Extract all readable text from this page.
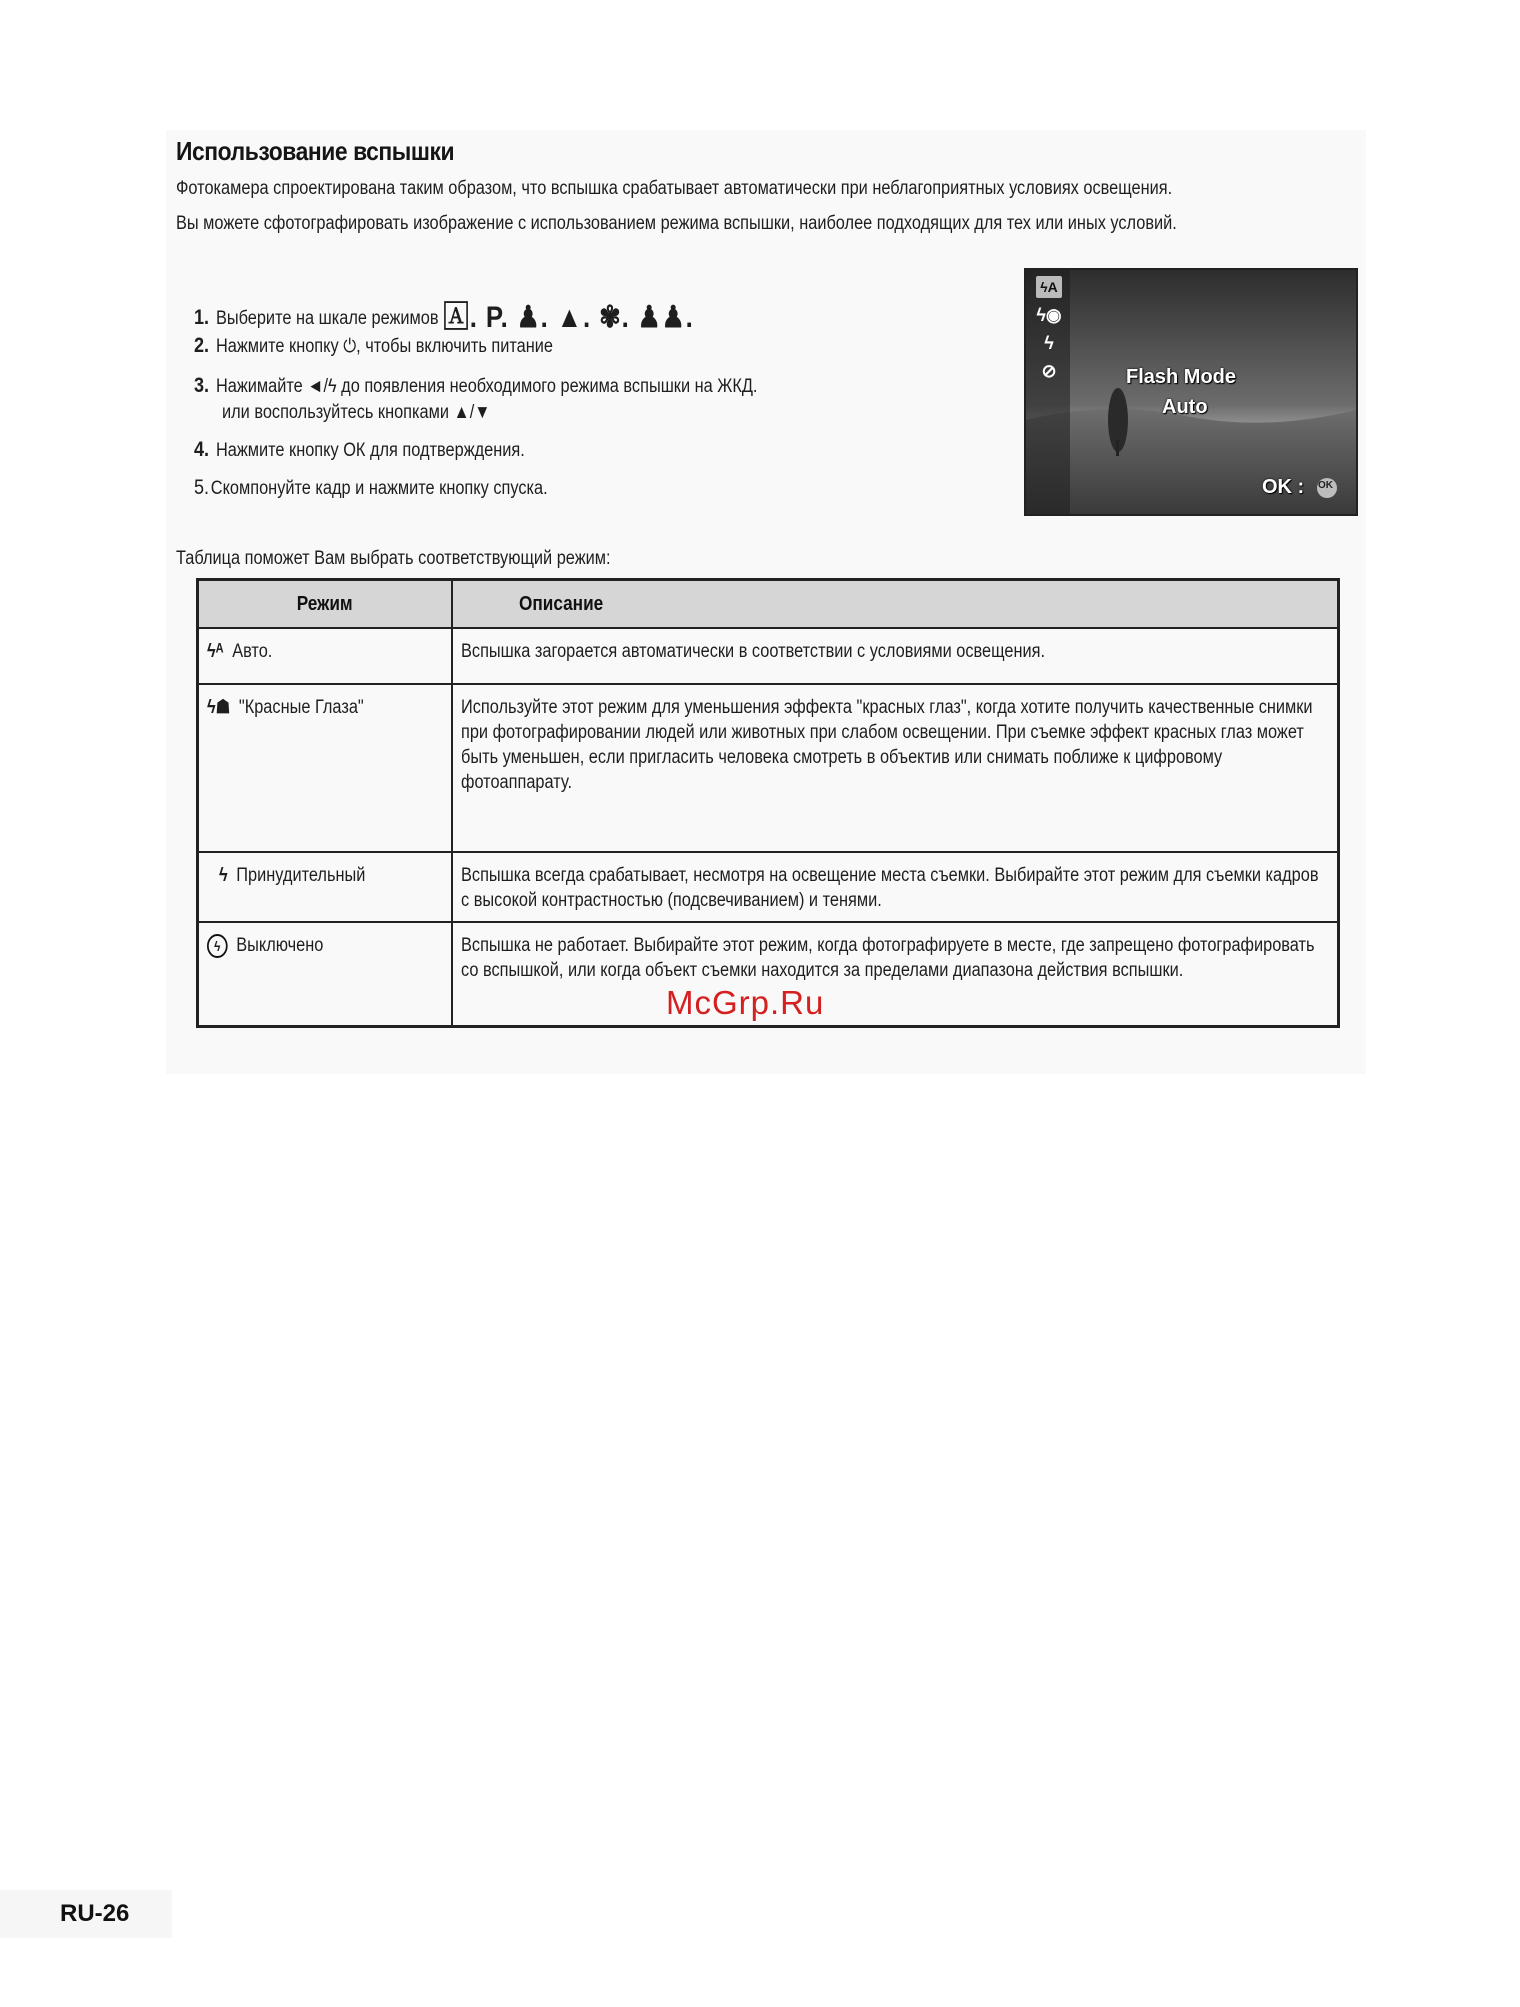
Использование вспышки
Фотокамера спроектирована таким образом, что вспышка срабатывает автоматически при неблагоприятных условиях освещения.
Вы можете сфотографировать изображение с использованием режима вспышки, наиболее подходящих для тех или иных условий.
1. Выберите на шкале режимов 🄰. P. ♟. ▲. ✾. ♟♟.
2. Нажмите кнопку ⏻, чтобы включить питание
3. Нажимайте ◄/ϟ до появления необходимого режима вспышки на ЖКД.
или воспользуйтесь кнопками ▲/▼
4. Нажмите кнопку ОК для подтверждения.
5.Скомпонуйте кадр и нажмите кнопку спуска.
ϟA
ϟ◉
ϟ
⊘	Flash Mode
Auto
OK : OK
Таблица поможет Вам выбрать соответствующий режим:
Режим	Описание

ϟᴬ Авто.	Вспышка загорается автоматически в соответствии с условиями освещения.

ϟ☗ "Красные Глаза"	Используйте этот режим для уменьшения эффекта "красных глаз", когда хотите получить качественные снимки при фотографировании людей или животных при слабом освещении. При съемке эффект красных глаз может быть уменьшен, если пригласить человека смотреть в объектив или снимать поближе к цифровому фотоаппарату.

ϟ Принудительный	Вспышка всегда срабатывает, несмотря на освещение места съемки. Выбирайте этот режим для съемки кадров с высокой контрастностью (подсвечиванием) и тенями.

ϟ Выключено	Вспышка не работает. Выбирайте этот режим, когда фотографируете в месте, где запрещено фотографировать со вспышкой, или когда объект съемки находится за пределами диапазона действия вспышки.
McGrp.Ru
RU-26
